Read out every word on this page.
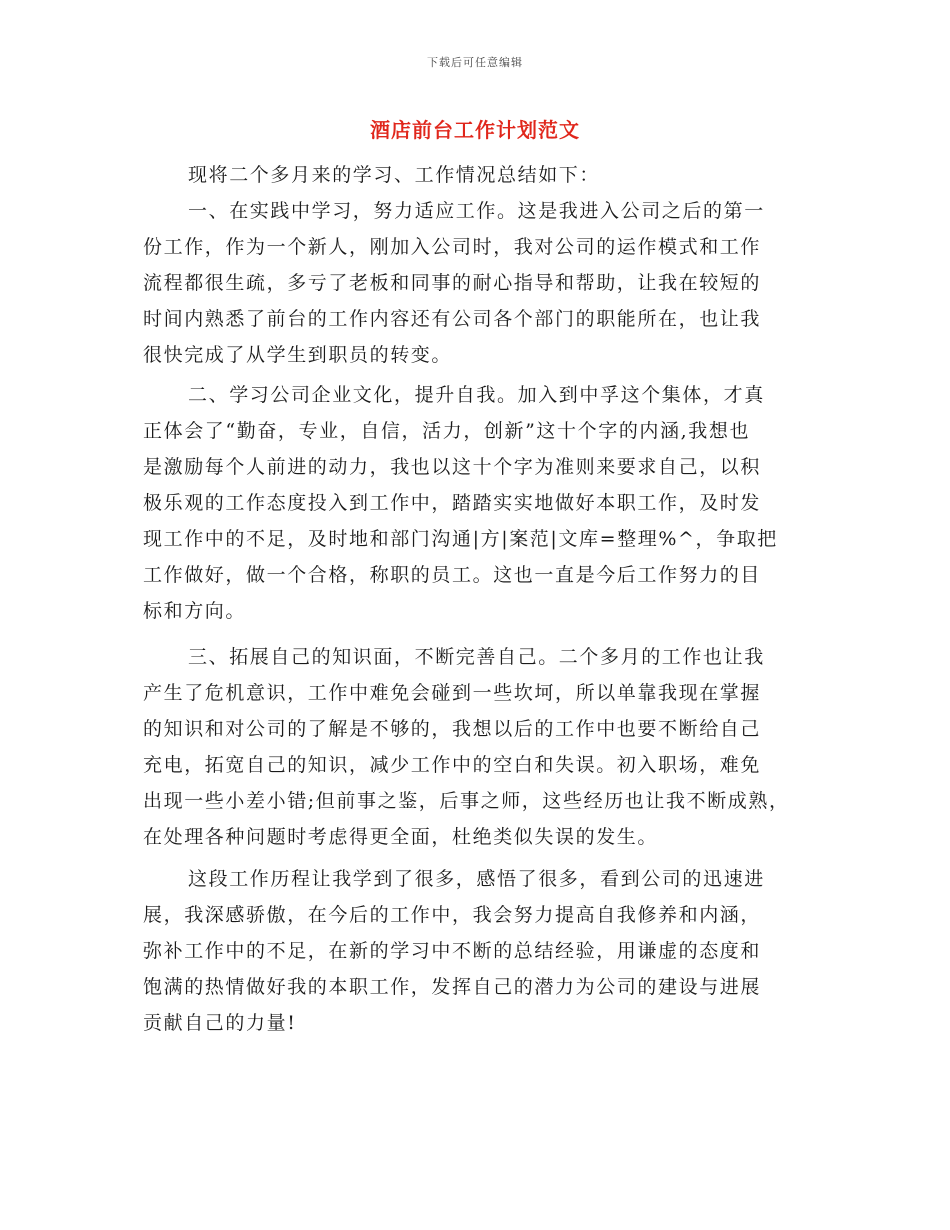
下载后可任意编辑
酒店前台工作计划范文
现将二个多月来的学习、工作情况总结如下：
一、在实践中学习，努力适应工作。这是我进入公司之后的第一
份工作，作为一个新人，刚加入公司时，我对公司的运作模式和工作
流程都很生疏，多亏了老板和同事的耐心指导和帮助，让我在较短的
时间内熟悉了前台的工作内容还有公司各个部门的职能所在，也让我
很快完成了从学生到职员的转变。
二、学习公司企业文化，提升自我。加入到中孚这个集体，才真
正体会了“勤奋，专业，自信，活力，创新”这十个字的内涵,我想也
是激励每个人前进的动力，我也以这十个字为准则来要求自己，以积
极乐观的工作态度投入到工作中，踏踏实实地做好本职工作，及时发
现工作中的不足，及时地和部门沟通|方|案范|文库=整理%^，争取把
工作做好，做一个合格，称职的员工。这也一直是今后工作努力的目
标和方向。
三、拓展自己的知识面，不断完善自己。二个多月的工作也让我
产生了危机意识，工作中难免会碰到一些坎坷，所以单靠我现在掌握
的知识和对公司的了解是不够的，我想以后的工作中也要不断给自己
充电，拓宽自己的知识，减少工作中的空白和失误。初入职场，难免
出现一些小差小错;但前事之鉴，后事之师，这些经历也让我不断成熟，
在处理各种问题时考虑得更全面，杜绝类似失误的发生。
这段工作历程让我学到了很多，感悟了很多，看到公司的迅速进
展，我深感骄傲，在今后的工作中，我会努力提高自我修养和内涵，
弥补工作中的不足，在新的学习中不断的总结经验，用谦虚的态度和
饱满的热情做好我的本职工作，发挥自己的潜力为公司的建设与进展
贡献自己的力量!
